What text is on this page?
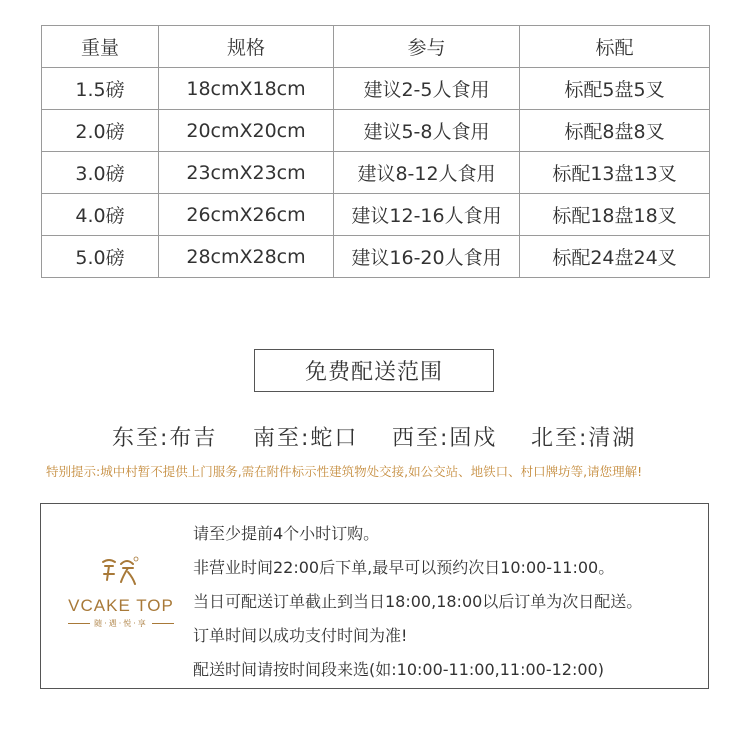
重量	规格	参与	标配
1.5磅	18cmX18cm	建议2-5人食用	标配5盘5叉
2.0磅	20cmX20cm	建议5-8人食用	标配8盘8叉
3.0磅	23cmX23cm	建议8-12人食用	标配13盘13叉
4.0磅	26cmX26cm	建议12-16人食用	标配18盘18叉
5.0磅	28cmX28cm	建议16-20人食用	标配24盘24叉
免费配送范围
东至:布吉 南至:蛇口 西至:固戍 北至:清湖
特别提示:城中村暂不提供上门服务,需在附件标示性建筑物处交接,如公交站、地铁口、村口牌坊等,请您理解!
VCAKE TOP
随·遇·悦·享
请至少提前4个小时订购。
非营业时间22:00后下单,最早可以预约次日10:00-11:00。
当日可配送订单截止到当日18:00,18:00以后订单为次日配送。
订单时间以成功支付时间为准!
配送时间请按时间段来选(如:10:00-11:00,11:00-12:00)
